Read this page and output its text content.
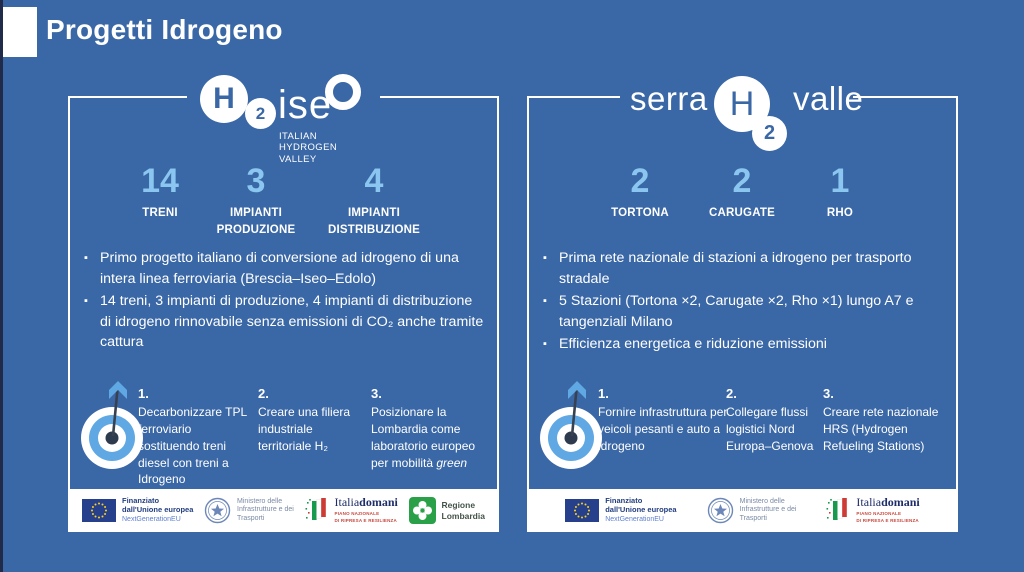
Progetti Idrogeno
14
TRENI
3
IMPIANTI PRODUZIONE
4
IMPIANTI DISTRIBUZIONE
▪ Primo progetto italiano di conversione ad idrogeno di una intera linea ferroviaria (Brescia–Iseo–Edolo)
▪ 14 treni, 3 impianti di produzione, 4 impianti di distribuzione di idrogeno rinnovabile senza emissioni di CO₂ anche tramite cattura
1.
Decarbonizzare TPL ferroviario sostituendo treni diesel con treni a Idrogeno
2.
Creare una filiera industriale territoriale H₂
3.
Posizionare la Lombardia come laboratorio europeo per mobilità green
Finanziato
dall'Unione europea
NextGenerationEU
Ministero delle
Infrastrutture e dei
Trasporti
Italiadomani
PIANO NAZIONALE
DI RIPRESA E RESILIENZA
Regione
Lombardia
2
TORTONA
2
CARUGATE
1
RHO
▪ Prima rete nazionale di stazioni a idrogeno per trasporto stradale
▪ 5 Stazioni (Tortona ×2, Carugate ×2, Rho ×1) lungo A7 e tangenziali Milano
▪ Efficienza energetica e riduzione emissioni
1.
Fornire infrastruttura per veicoli pesanti e auto a idrogeno
2.
Collegare flussi logistici Nord Europa–Genova
3.
Creare rete nazionale HRS (Hydrogen Refueling Stations)
Finanziato
dall'Unione europea
NextGenerationEU
Ministero delle
Infrastrutture e dei
Trasporti
Italiadomani
PIANO NAZIONALE
DI RIPRESA E RESILIENZA
H	2 ise
ITALIAN HYDROGEN
VALLEY
serra H
2
valle
